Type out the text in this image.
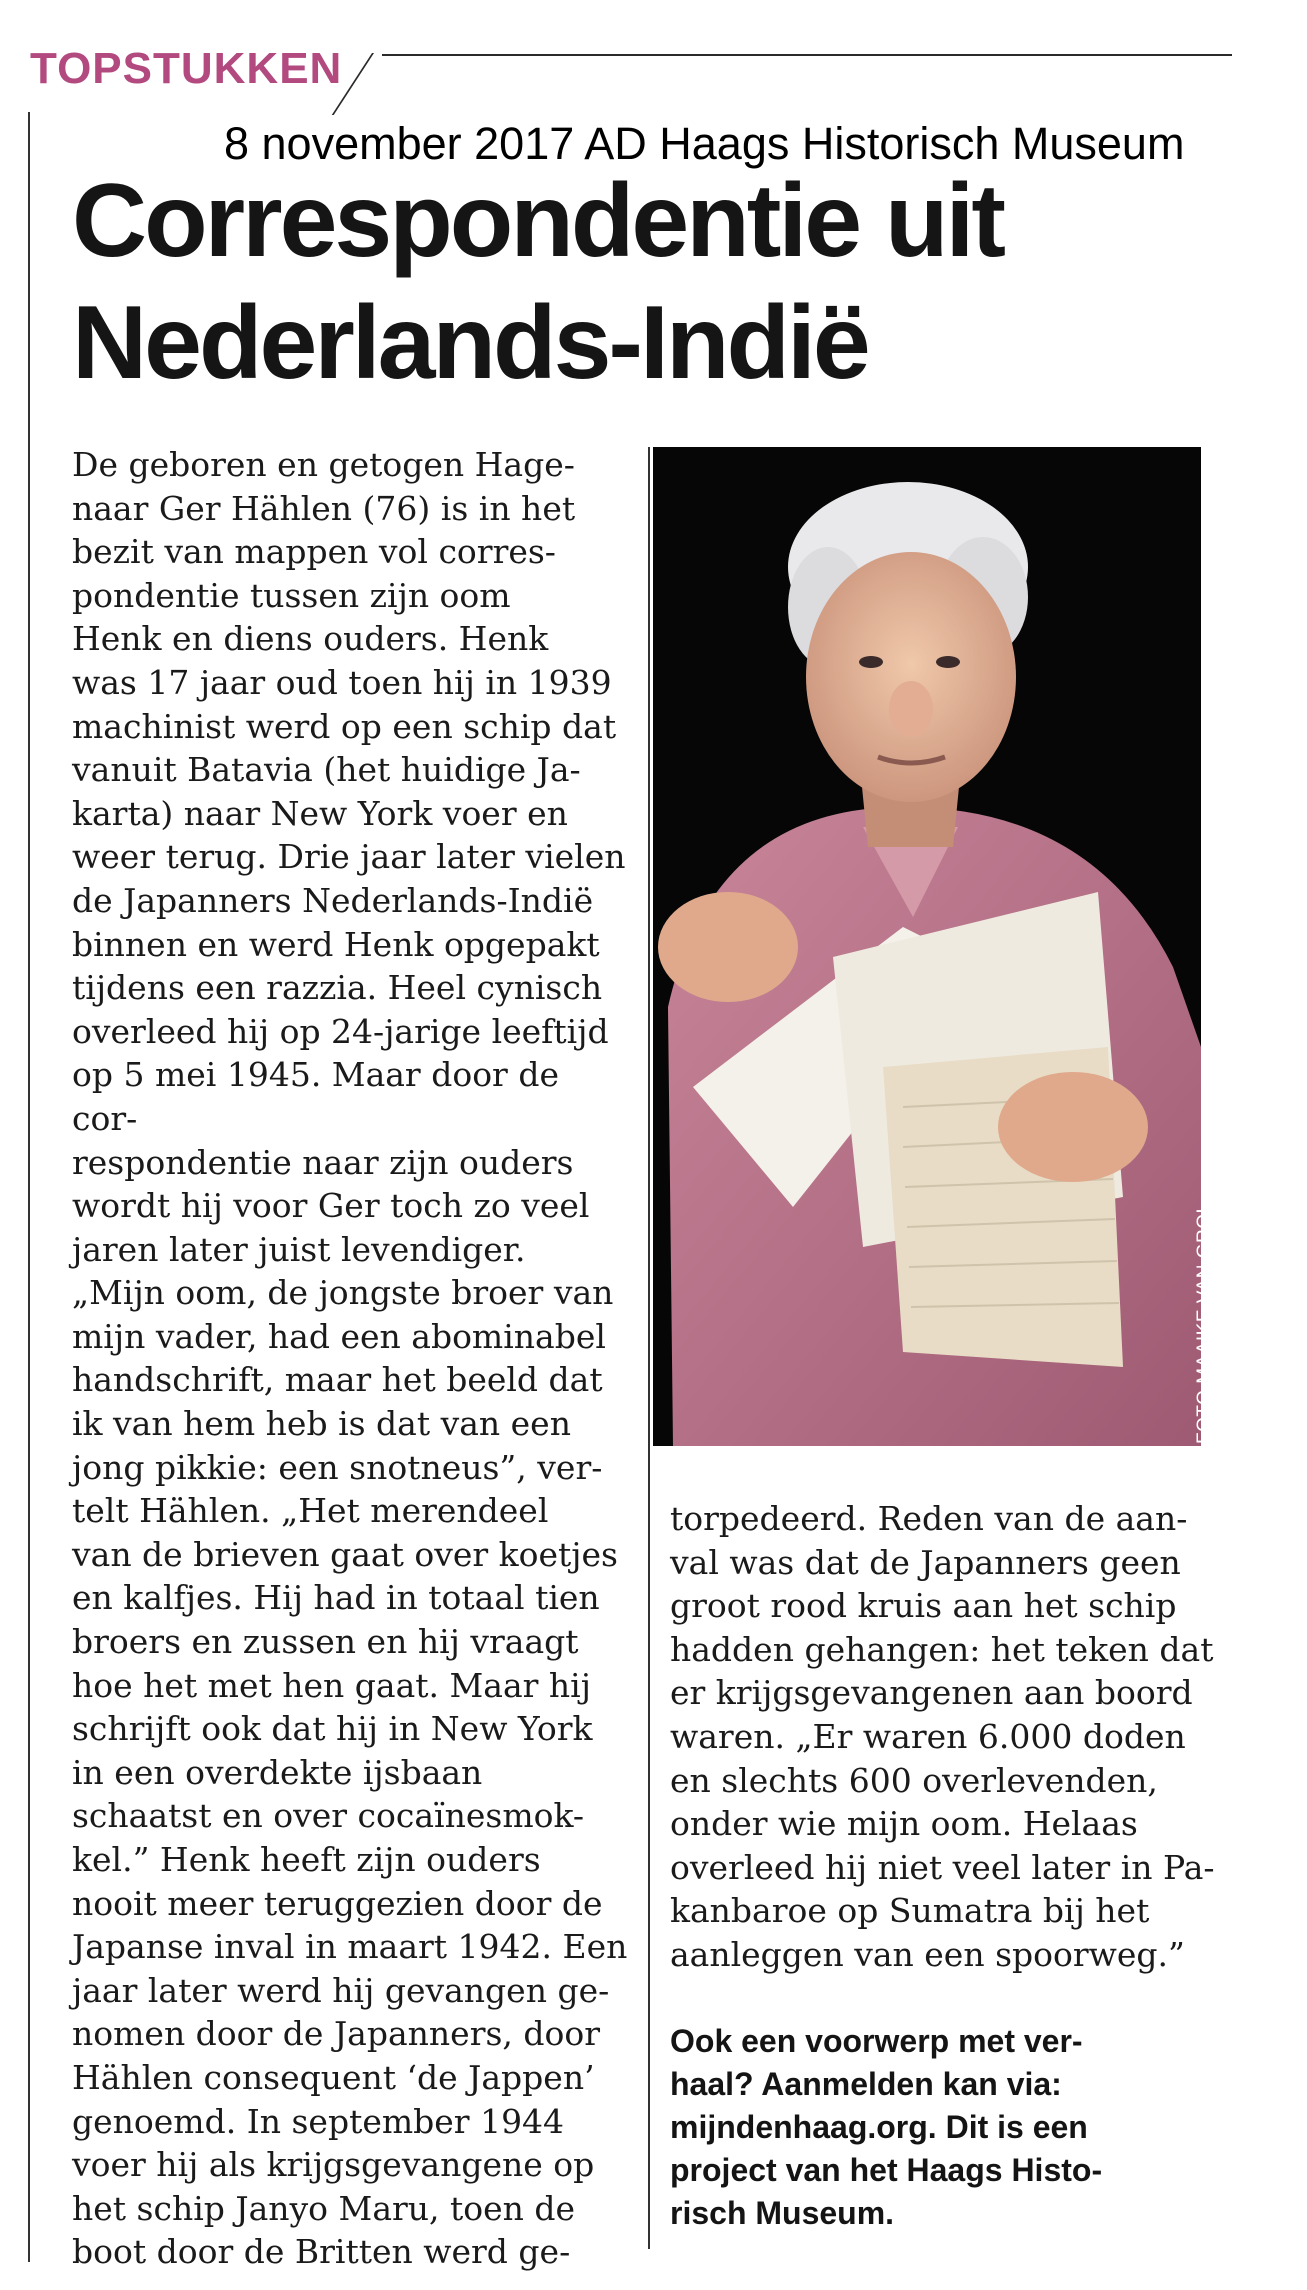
TOPSTUKKEN
8 november 2017 AD Haags Historisch Museum
Correspondentie uit
Nederlands-Indië

De geboren en getogen Hage-
naar Ger Hählen (76) is in het
bezit van mappen vol corres-
pondentie tussen zijn oom
Henk en diens ouders. Henk
was 17 jaar oud toen hij in 1939
machinist werd op een schip dat
vanuit Batavia (het huidige Ja-
karta) naar New York voer en
weer terug. Drie jaar later vielen
de Japanners Nederlands-Indië
binnen en werd Henk opgepakt
tijdens een razzia. Heel cynisch
overleed hij op 24-jarige leeftijd
op 5 mei 1945. Maar door de cor-
respondentie naar zijn ouders
wordt hij voor Ger toch zo veel
jaren later juist levendiger.
„Mijn oom, de jongste broer van
mijn vader, had een abominabel
handschrift, maar het beeld dat
ik van hem heb is dat van een
jong pikkie: een snotneus”, ver-
telt Hählen. „Het merendeel
van de brieven gaat over koetjes
en kalfjes. Hij had in totaal tien
broers en zussen en hij vraagt
hoe het met hen gaat. Maar hij
schrijft ook dat hij in New York
in een overdekte ijsbaan
schaatst en over cocaïnesmok-
kel.” Henk heeft zijn ouders
nooit meer teruggezien door de
Japanse inval in maart 1942. Een
jaar later werd hij gevangen ge-
nomen door de Japanners, door
Hählen consequent ‘de Jappen’
genoemd. In september 1944
voer hij als krijgsgevangene op
het schip Janyo Maru, toen de
boot door de Britten werd ge-

FOTO MAAIKE VAN GROL

torpedeerd. Reden van de aan-
val was dat de Japanners geen
groot rood kruis aan het schip
hadden gehangen: het teken dat
er krijgsgevangenen aan boord
waren. „Er waren 6.000 doden
en slechts 600 overlevenden,
onder wie mijn oom. Helaas
overleed hij niet veel later in Pa-
kanbaroe op Sumatra bij het
aanleggen van een spoorweg.”

Ook een voorwerp met ver-
haal? Aanmelden kan via:
mijndenhaag.org. Dit is een
project van het Haags Histo-
risch Museum.
